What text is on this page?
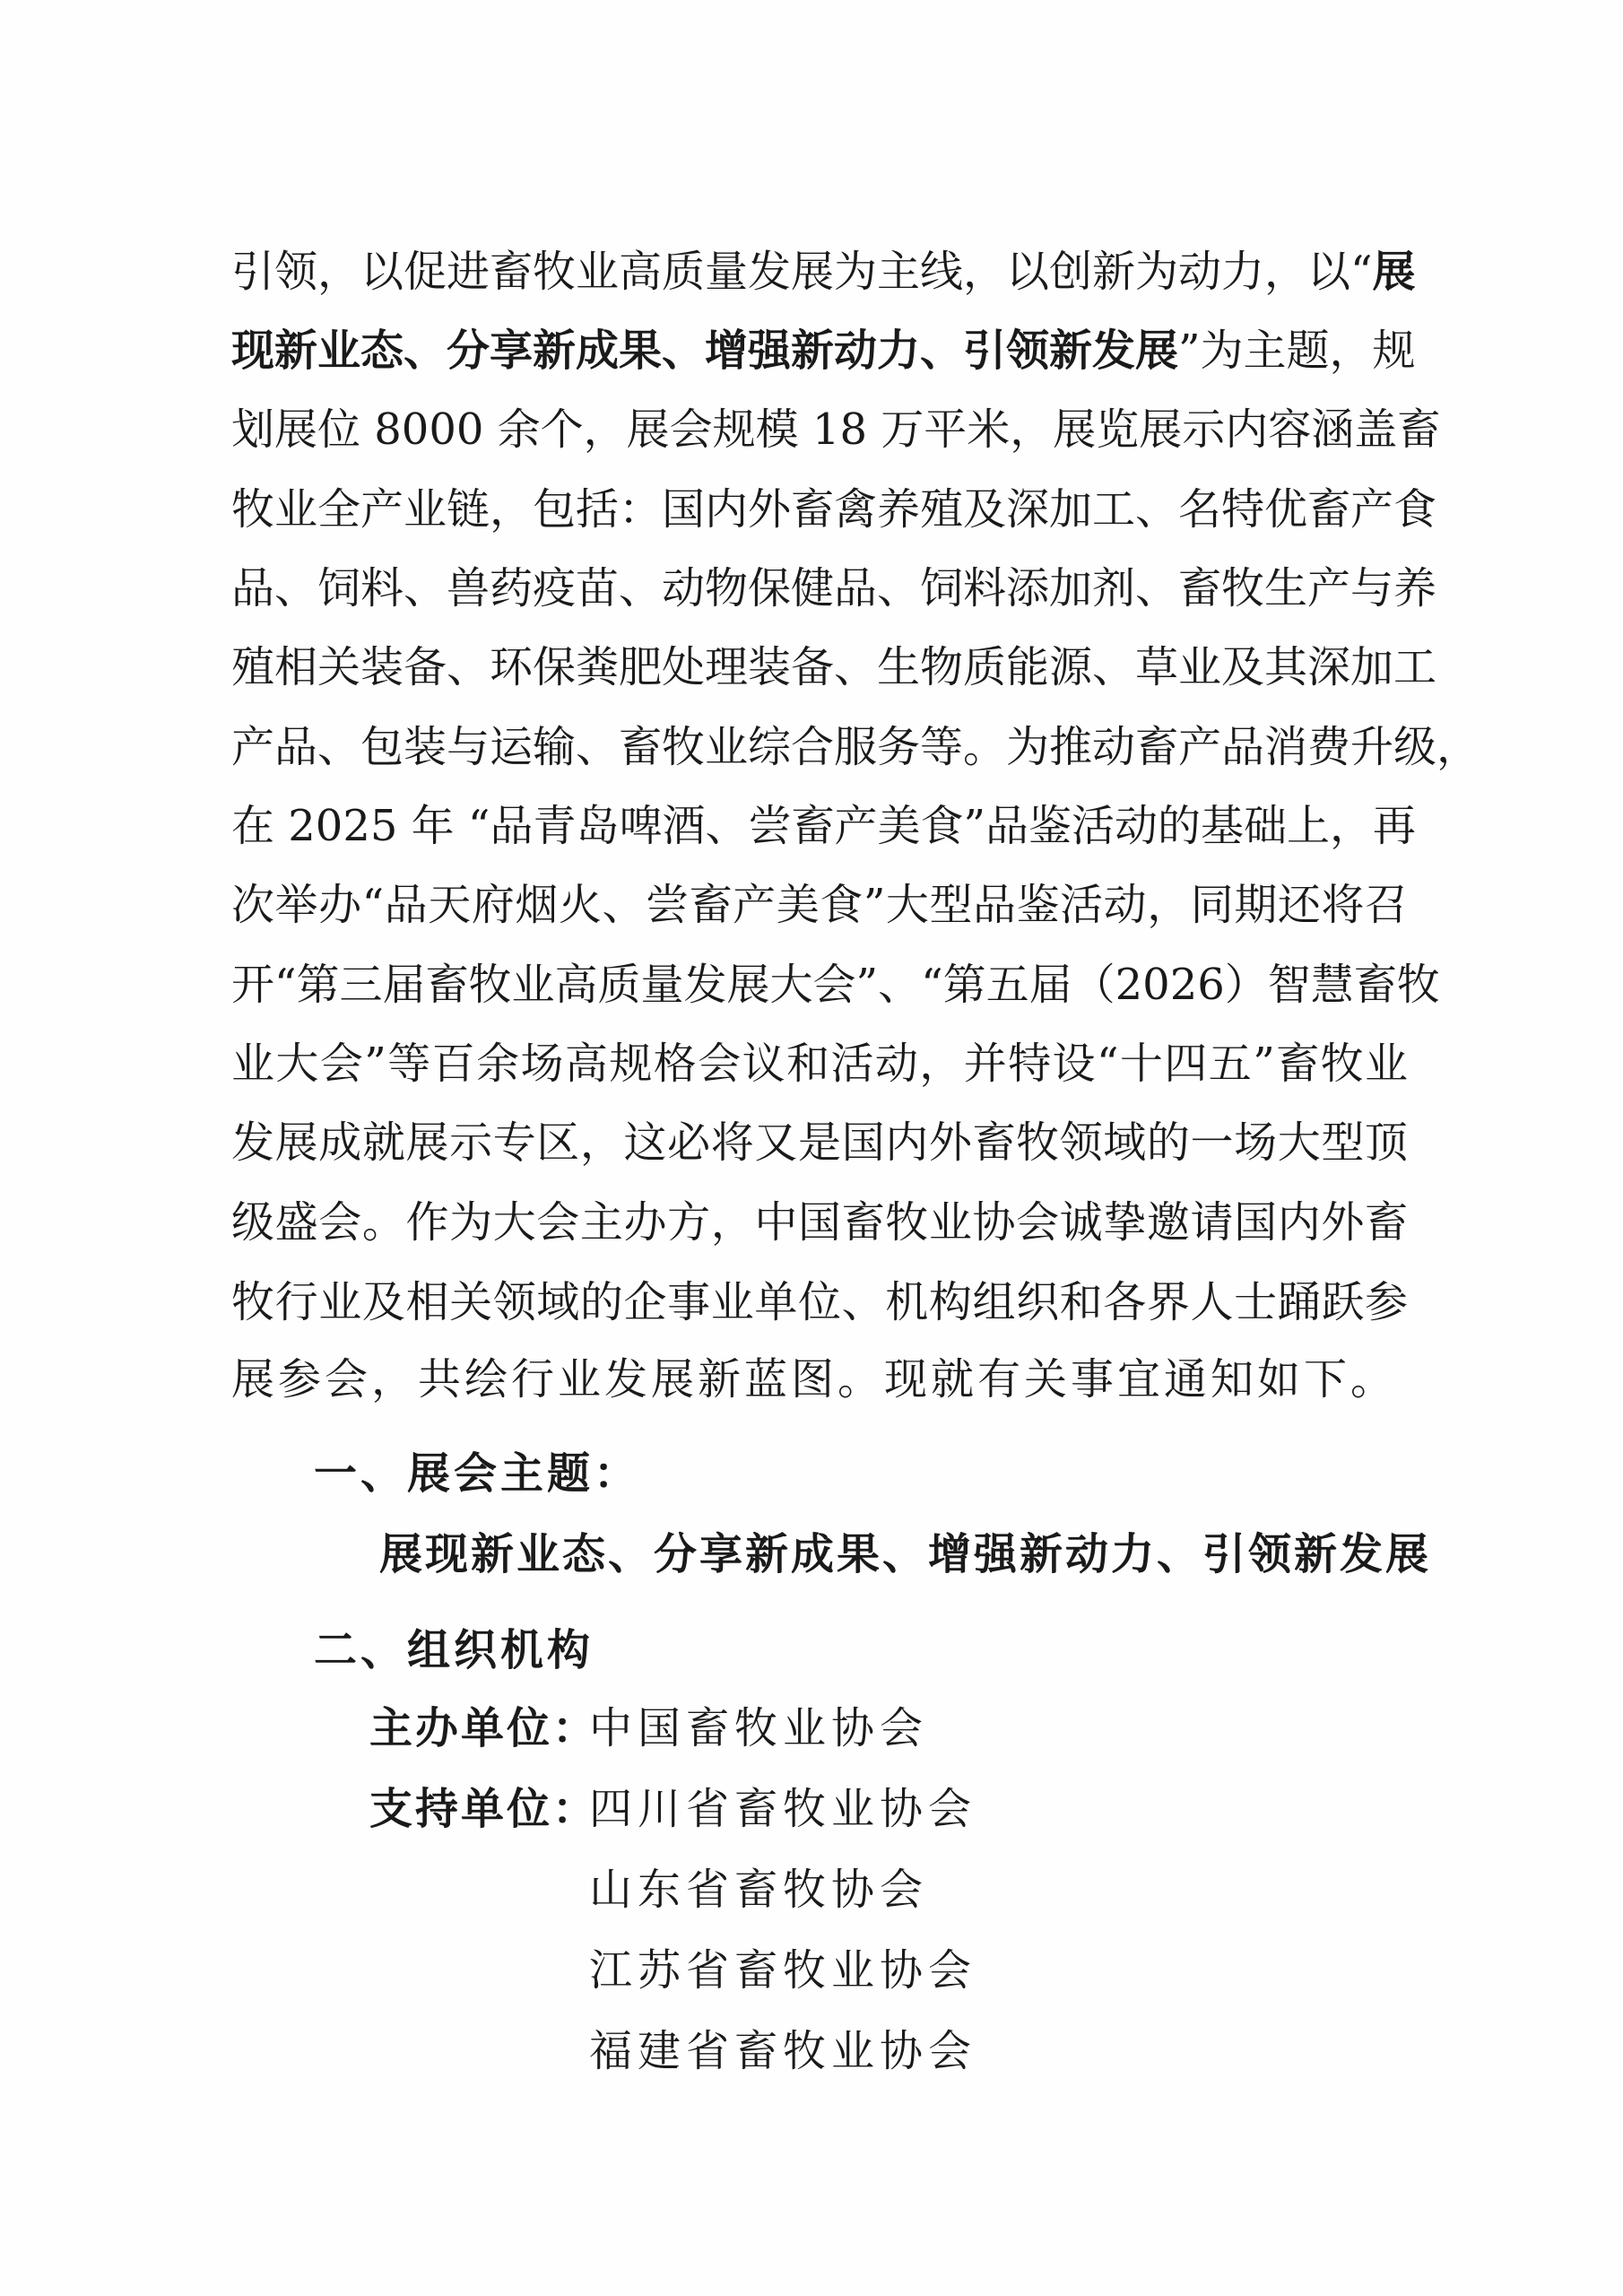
引领，以促进畜牧业高质量发展为主线，以创新为动力，以“展
现新业态、分享新成果、增强新动力、引领新发展”为主题，规
划展位 8000 余个，展会规模 18 万平米，展览展示内容涵盖畜
牧业全产业链，包括：国内外畜禽养殖及深加工、名特优畜产食
品、饲料、兽药疫苗、动物保健品、饲料添加剂、畜牧生产与养
殖相关装备、环保粪肥处理装备、生物质能源、草业及其深加工
产品、包装与运输、畜牧业综合服务等。为推动畜产品消费升级，
在 2025 年 “品青岛啤酒、尝畜产美食”品鉴活动的基础上，再
次举办“品天府烟火、尝畜产美食”大型品鉴活动，同期还将召
开“第三届畜牧业高质量发展大会”、“第五届（2026）智慧畜牧
业大会”等百余场高规格会议和活动，并特设“十四五”畜牧业
发展成就展示专区，这必将又是国内外畜牧领域的一场大型顶
级盛会。作为大会主办方，中国畜牧业协会诚挚邀请国内外畜
牧行业及相关领域的企事业单位、机构组织和各界人士踊跃参
展参会，共绘行业发展新蓝图。现就有关事宜通知如下。
一、展会主题：
展现新业态、分享新成果、增强新动力、引领新发展
二、组织机构
主办单位：中国畜牧业协会
支持单位：四川省畜牧业协会
山东省畜牧协会
江苏省畜牧业协会
福建省畜牧业协会
